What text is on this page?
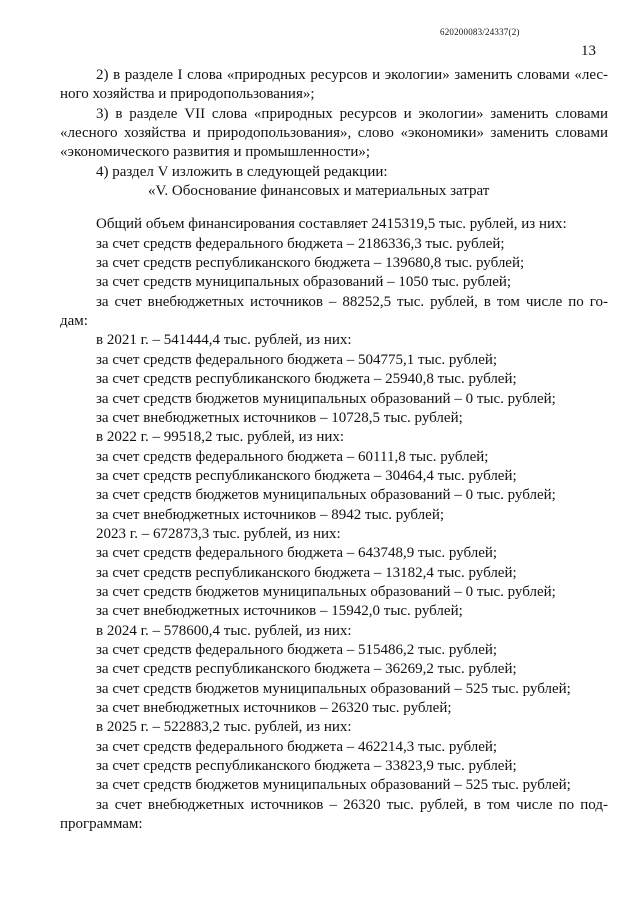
620200083/24337(2)
13
2) в разделе I слова «природных ресурсов и экологии» заменить словами «лес-
ного хозяйства и природопользования»;
3) в разделе VII слова «природных ресурсов и экологии» заменить словами
«лесного хозяйства и природопользования», слово «экономики» заменить словами
«экономического развития и промышленности»;
4) раздел V изложить в следующей редакции:
«V. Обоснование финансовых и материальных затрат
Общий объем финансирования составляет 2415319,5 тыс. рублей, из них:
за счет средств федерального бюджета – 2186336,3 тыс. рублей;
за счет средств республиканского бюджета – 139680,8 тыс. рублей;
за счет средств муниципальных образований – 1050 тыс. рублей;
за счет внебюджетных источников – 88252,5 тыс. рублей, в том числе по го-
дам:
в 2021 г. – 541444,4 тыс. рублей, из них:
за счет средств федерального бюджета – 504775,1 тыс. рублей;
за счет средств республиканского бюджета – 25940,8 тыс. рублей;
за счет средств бюджетов муниципальных образований – 0 тыс. рублей;
за счет внебюджетных источников – 10728,5 тыс. рублей;
в 2022 г. – 99518,2 тыс. рублей, из них:
за счет средств федерального бюджета – 60111,8 тыс. рублей;
за счет средств республиканского бюджета – 30464,4 тыс. рублей;
за счет средств бюджетов муниципальных образований – 0 тыс. рублей;
за счет внебюджетных источников – 8942 тыс. рублей;
2023 г. – 672873,3 тыс. рублей, из них:
за счет средств федерального бюджета – 643748,9 тыс. рублей;
за счет средств республиканского бюджета – 13182,4 тыс. рублей;
за счет средств бюджетов муниципальных образований – 0 тыс. рублей;
за счет внебюджетных источников – 15942,0 тыс. рублей;
в 2024 г. – 578600,4 тыс. рублей, из них:
за счет средств федерального бюджета – 515486,2 тыс. рублей;
за счет средств республиканского бюджета – 36269,2 тыс. рублей;
за счет средств бюджетов муниципальных образований – 525 тыс. рублей;
за счет внебюджетных источников – 26320 тыс. рублей;
в 2025 г. – 522883,2 тыс. рублей, из них:
за счет средств федерального бюджета – 462214,3 тыс. рублей;
за счет средств республиканского бюджета – 33823,9 тыс. рублей;
за счет средств бюджетов муниципальных образований – 525 тыс. рублей;
за счет внебюджетных источников – 26320 тыс. рублей, в том числе по под-
программам:
